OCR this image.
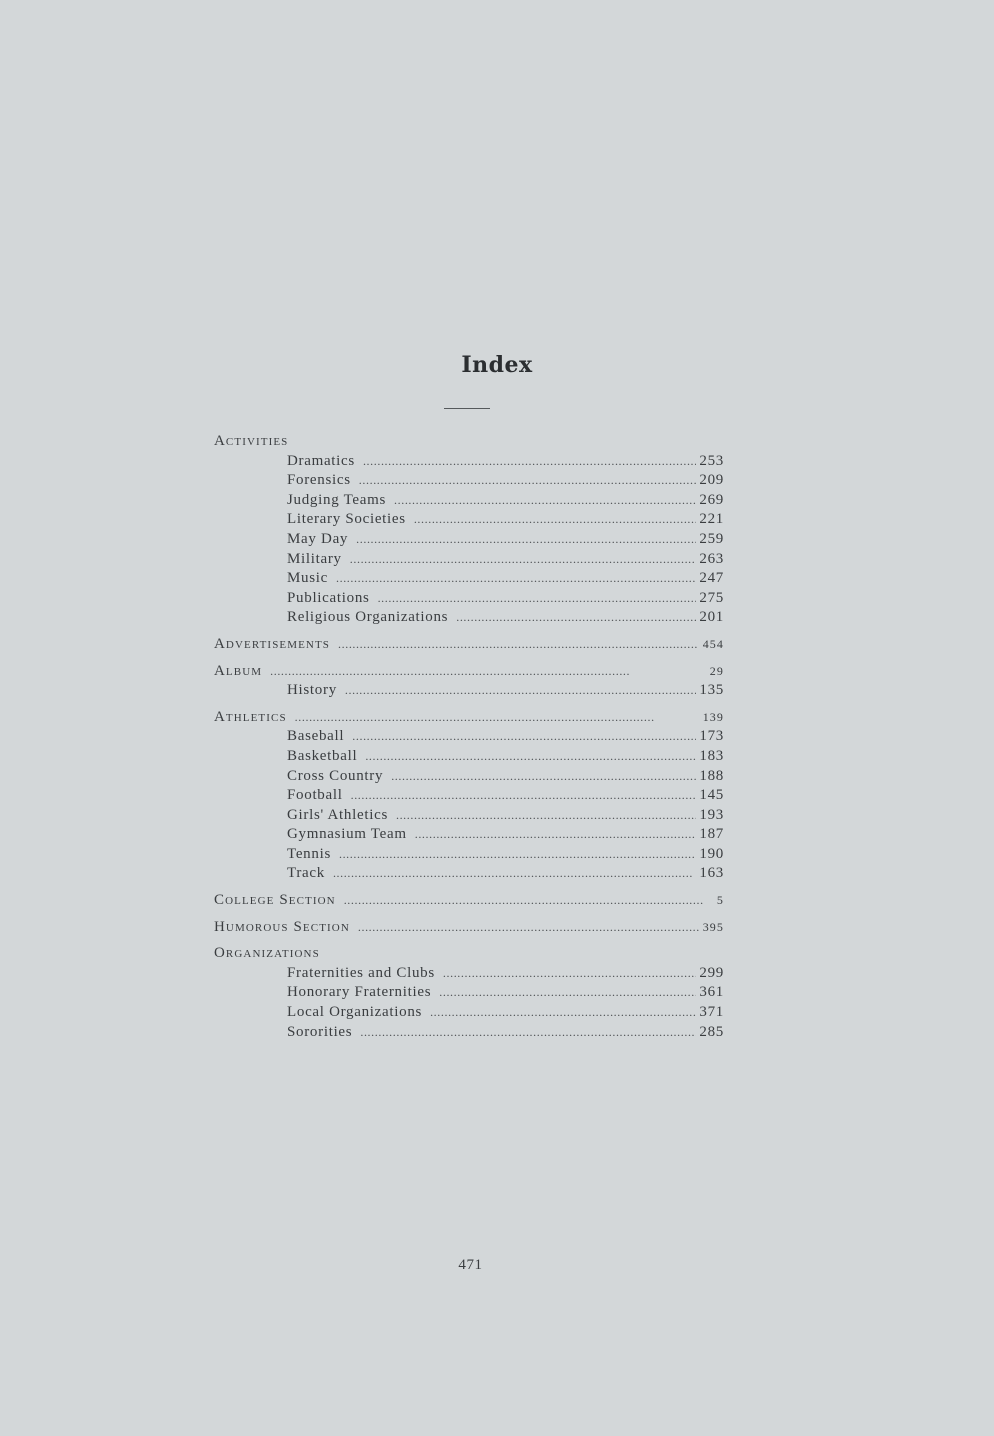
Index
Activities
Dramatics . . .	253
Forensics . . .	209
Judging Teams . . .	269
Literary Societies . . .	221
May Day . . .	259
Military . . .	263
Music . . .	247
Publications . . .	275
Religious Organizations . . .	201
Advertisements . . .	454
Album . . .	29
History . . .	135
Athletics . . .	139
Baseball . . .	173
Basketball . . .	183
Cross Country . . .	188
Football . . .	145
Girls' Athletics . . .	193
Gymnasium Team . . .	187
Tennis . . .	190
Track . . .	163
College Section . . .	5
Humorous Section . . .	395
Organizations
Fraternities and Clubs . . .	299
Honorary Fraternities . . .	361
Local Organizations . . .	371
Sororities . . .	285
471
